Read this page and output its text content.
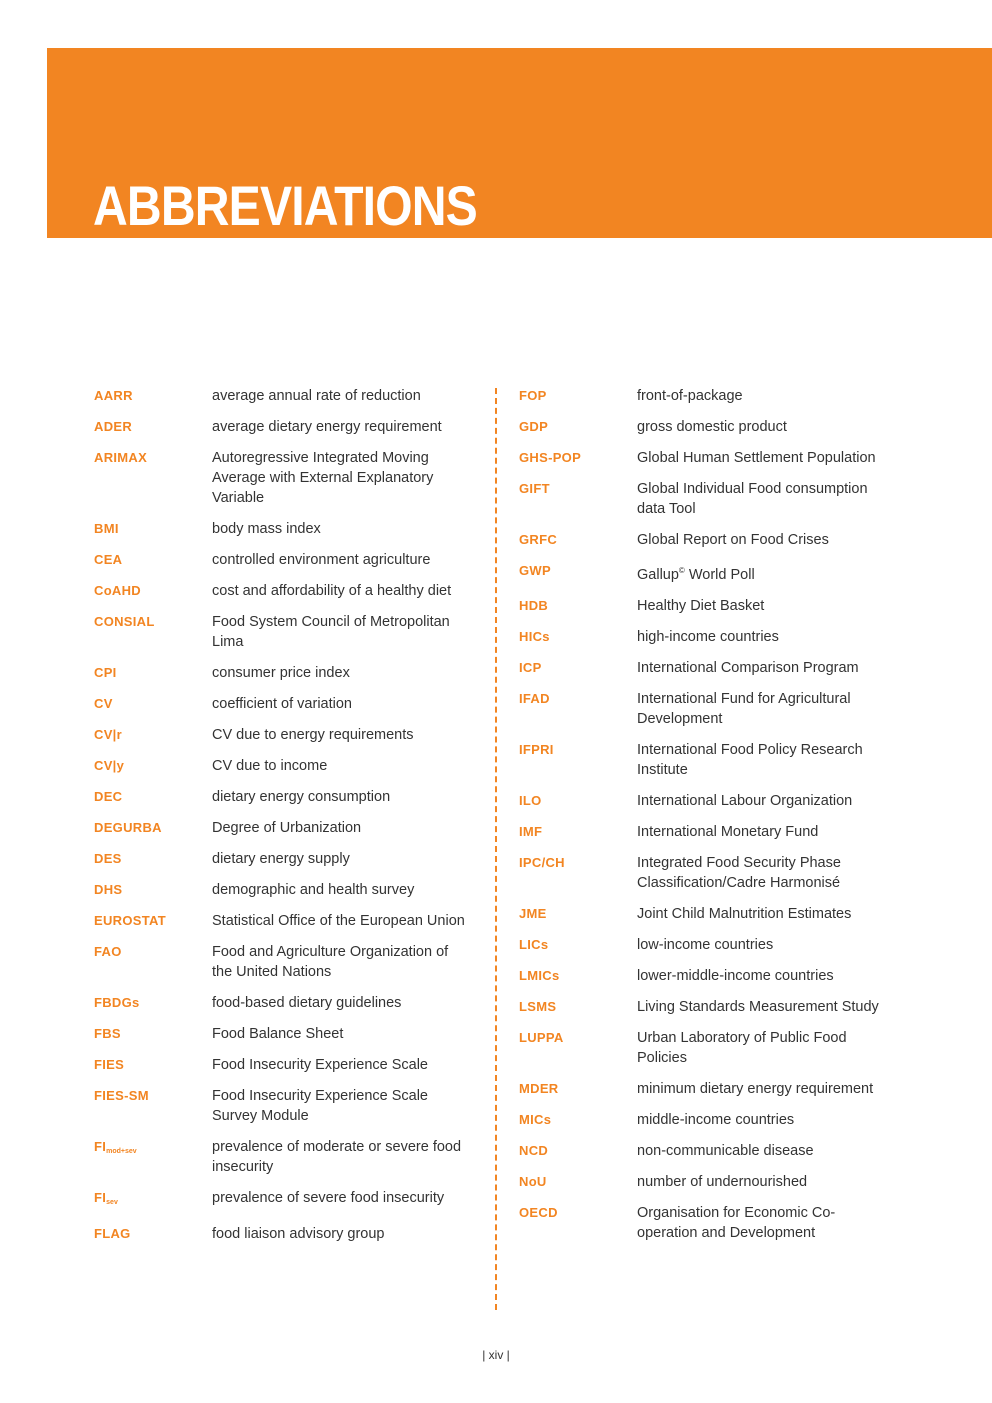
ABBREVIATIONS
AARR	average annual rate of reduction
ADER	average dietary energy requirement
ARIMAX	Autoregressive Integrated Moving Average with External Explanatory Variable
BMI	body mass index
CEA	controlled environment agriculture
CoAHD	cost and affordability of a healthy diet
CONSIAL	Food System Council of Metropolitan Lima
CPI	consumer price index
CV	coefficient of variation
CV|r	CV due to energy requirements
CV|y	CV due to income
DEC	dietary energy consumption
DEGURBA	Degree of Urbanization
DES	dietary energy supply
DHS	demographic and health survey
EUROSTAT	Statistical Office of the European Union
FAO	Food and Agriculture Organization of the United Nations
FBDGs	food-based dietary guidelines
FBS	Food Balance Sheet
FIES	Food Insecurity Experience Scale
FIES-SM	Food Insecurity Experience Scale Survey Module
$FI_{mod+sev}$	prevalence of moderate or severe food insecurity
$FI_{sev}$	prevalence of severe food insecurity
FLAG	food liaison advisory group
FOP	front-of-package
GDP	gross domestic product
GHS-POP	Global Human Settlement Population
GIFT	Global Individual Food consumption data Tool
GRFC	Global Report on Food Crises
GWP	Gallup© World Poll
HDB	Healthy Diet Basket
HICs	high-income countries
ICP	International Comparison Program
IFAD	International Fund for Agricultural Development
IFPRI	International Food Policy Research Institute
ILO	International Labour Organization
IMF	International Monetary Fund
IPC/CH	Integrated Food Security Phase Classification/Cadre Harmonisé
JME	Joint Child Malnutrition Estimates
LICs	low-income countries
LMICs	lower-middle-income countries
LSMS	Living Standards Measurement Study
LUPPA	Urban Laboratory of Public Food Policies
MDER	minimum dietary energy requirement
MICs	middle-income countries
NCD	non-communicable disease
NoU	number of undernourished
OECD	Organisation for Economic Co-operation and Development
| xiv |
